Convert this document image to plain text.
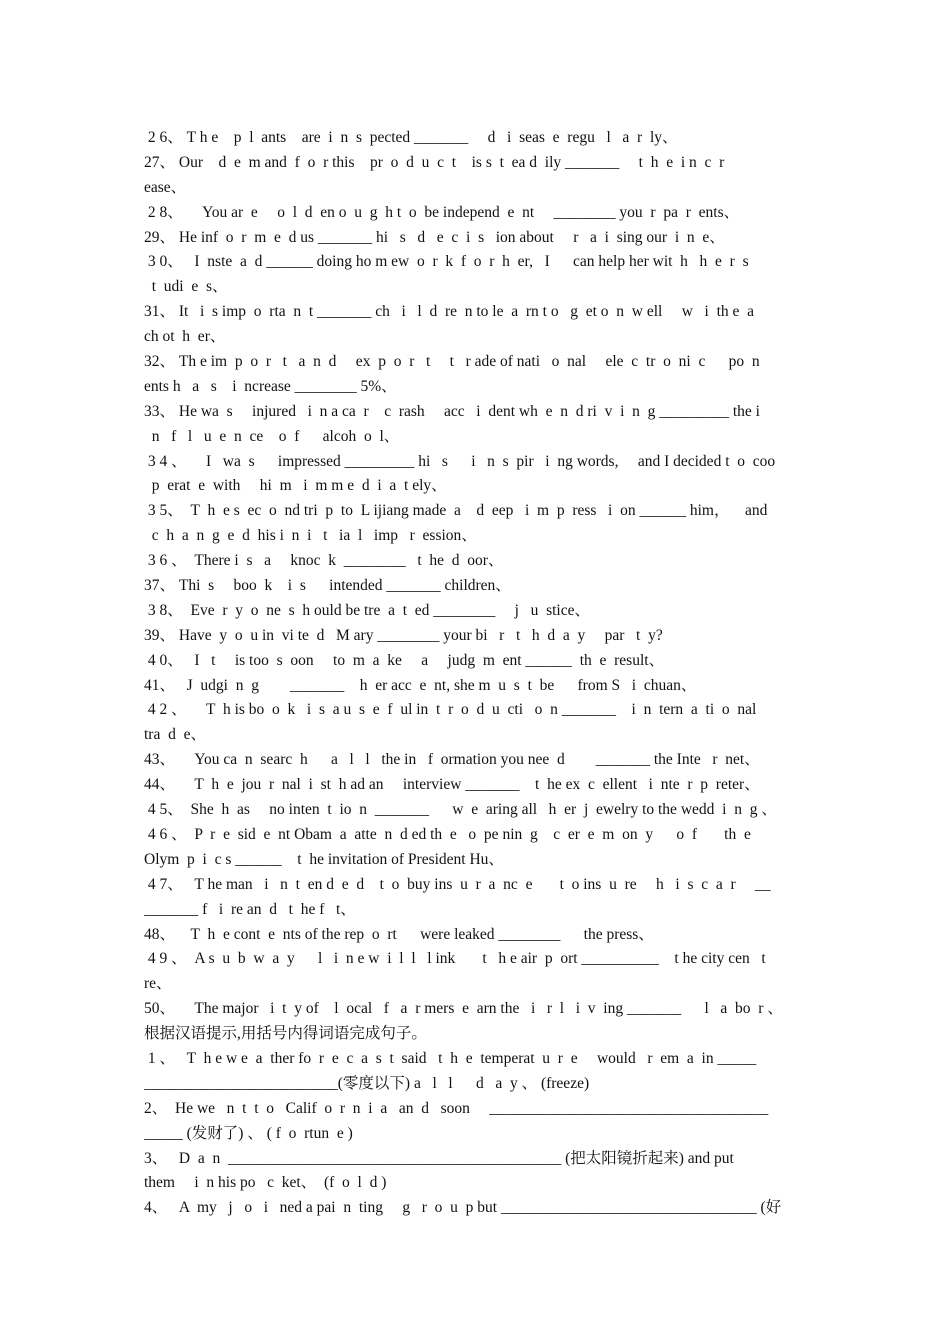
2 6、 T h e    p  l  ants    are  i  n  s  pected _______     d   i  seas  e  regu   l   a  r  ly、
27、 Our    d  e  m and  f  o  r this    pr  o  d  u  c  t    is s  t  ea d  ily _______     t  h  e  i n  c  r
ease、
2 8、     You ar  e     o  l  d  en o  u  g  h t  o  be independ  e  nt     ________ you  r  pa  r  ents、
29、 He inf  o  r  m  e  d us _______ hi   s   d   e  c  i  s   ion about     r   a  i  sing our  i  n  e、
3 0、   I  nste  a  d ______ doing ho m ew  o  r  k  f  o  r  h  er,   I      can help her wit  h   h  e  r  s
t  udi  e  s、
31、 It   i  s imp  o  rta  n  t _______ ch   i   l  d  re  n to le  a  rn t o   g  et o  n  w ell     w   i  th e  a
ch ot  h  er、
32、 Th e im  p  o  r   t   a  n  d     ex  p  o  r   t     t   r ade of nati   o  nal     ele  c  tr  o  ni  c      po  n
ents h   a   s    i  ncrease ________ 5%、
33、 He wa  s     injured   i  n a ca  r    c  rash     acc   i  dent wh  e  n  d ri  v  i  n  g _________ the i
n   f   l   u  e  n  ce    o  f      alcoh  o  l、
3 4 、     I   wa  s      impressed _________ hi   s      i   n  s  pir   i  ng words,     and I decided t  o  coo
p  erat  e  with     hi  m   i  m m e  d  i  a  t ely、
3 5、  T  h  e s  ec  o  nd tri  p  to  L ijiang made  a    d  eep   i  m  p  ress   i  on ______ him，    and
c  h  a  n  g  e  d  his i  n  i   t   ia  l   imp   r  ession、
3 6 、  There i  s   a     knoc  k  ________   t  he  d  oor、
37、 Thi  s     boo  k    i  s      intended _______ children、
3 8、  Eve  r  y  o  ne  s  h ould be tre  a  t  ed ________     j   u  stice、
39、 Have  y  o  u in  vi te  d   M ary ________ your bi   r   t   h  d  a  y     par   t  y?
4 0、   I   t     is too  s  oon     to  m  a  ke     a     judg  m  ent ______  th  e  result、
41、   J  udgi  n  g        _______    h  er acc  e  nt, she m  u  s  t  be      from S   i  chuan、
4 2 、     T  h is bo  o  k   i  s  a u  s  e  f  ul in  t  r  o  d  u  cti   o  n _______    i  n  tern  a  ti  o  nal
tra  d  e、
43、     You ca  n  searc  h      a   l   l   the in   f  ormation you nee  d        _______ the Inte   r  net、
44、     T  h  e  jou  r  nal  i  st  h ad an     interview _______    t  he ex  c  ellent   i  nte  r  p  reter、
4 5、  She  h  as     no inten  t  io  n  _______      w  e  aring all   h  er  j  ewelry to the wedd  i  n  g 、
4 6 、  P  r  e  sid  e  nt Obam  a  atte  n  d ed th  e   o  pe nin  g    c  er  e  m  on  y      o  f       th  e
Olym  p  i  c s ______    t  he invitation of President Hu、
4 7、   T he man   i   n  t  en d  e  d    t  o  buy ins  u  r  a  nc  e       t  o ins  u  re     h   i  s  c  a  r     __
_______ f   i  re an  d   t  he f   t、
48、    T  h  e cont  e  nts of the rep  o  rt      were leaked ________      the press、
4 9 、  A s  u  b  w  a  y      l   i  n e w  i  l  l   l ink       t   h e air  p  ort __________    t he city cen   t
re、
50、     The major   i  t  y of    l  ocal   f   a  r mers  e  arn the   i   r  l   i  v  ing _______      l   a  bo  r 、
根据汉语提示,用括号内得词语完成句子。
1 、   T  h e w e  a  ther fo  r  e  c  a  s  t  said   t  h  e  temperat  u  r  e     would   r  em  a  in _____
_________________________(零度以下) a   l   l      d   a  y 、 (freeze)
2、  He we   n  t  t  o   Calif  o  r  n  i  a   an  d   soon     ____________________________________
_____ (发财了) 、 ( f  o  rtun  e )
3、   D  a  n  ___________________________________________ (把太阳镜折起来) and put
them     i  n his po   c  ket、  (f  o  l  d )
4、   A  my   j   o   i   ned a pai  n  ting     g   r  o  u  p but _________________________________ (好
